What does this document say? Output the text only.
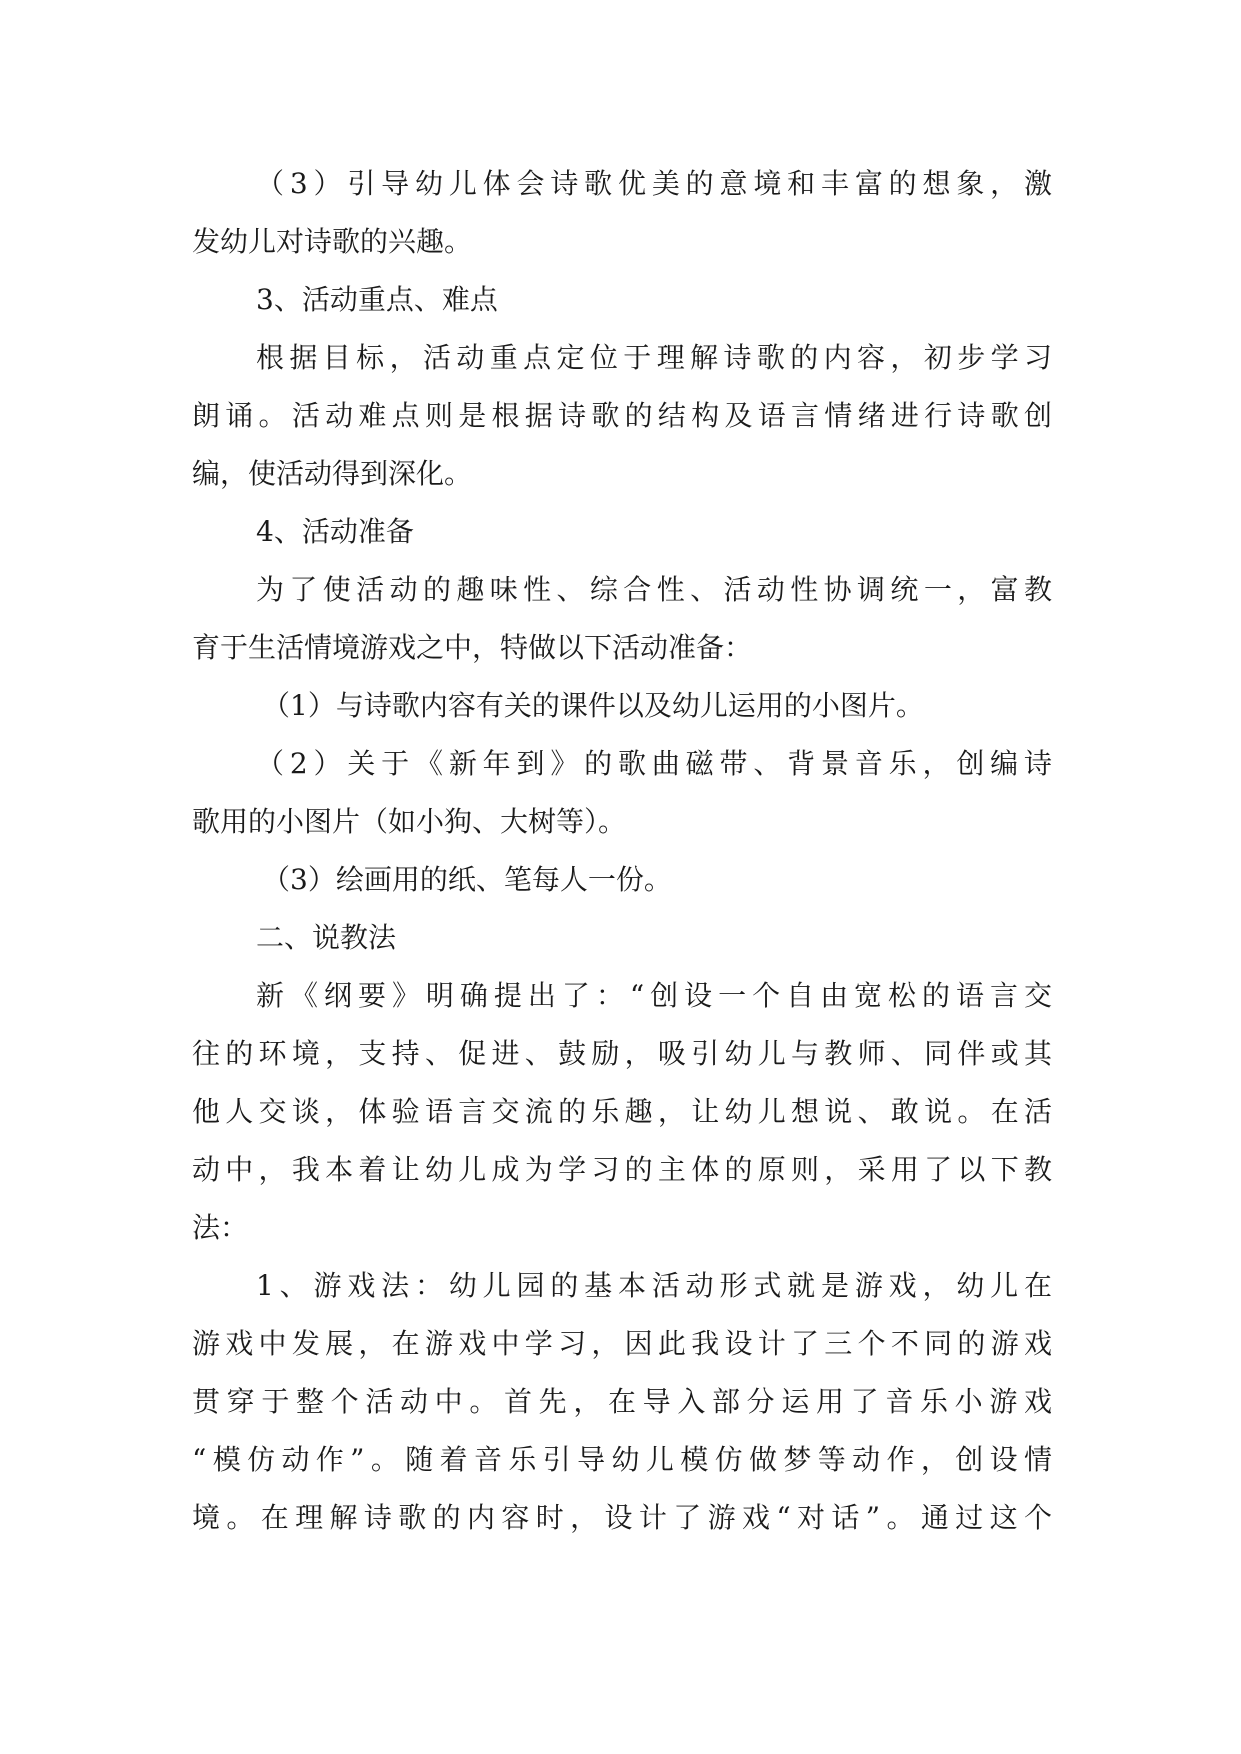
（3）引导幼儿体会诗歌优美的意境和丰富的想象，激
发幼儿对诗歌的兴趣。
3、活动重点、难点
根据目标，活动重点定位于理解诗歌的内容，初步学习
朗诵。活动难点则是根据诗歌的结构及语言情绪进行诗歌创
编，使活动得到深化。
4、活动准备
为了使活动的趣味性、综合性、活动性协调统一，富教
育于生活情境游戏之中，特做以下活动准备：
（1）与诗歌内容有关的课件以及幼儿运用的小图片。
（2）关于《新年到》的歌曲磁带、背景音乐，创编诗
歌用的小图片（如小狗、大树等）。
（3）绘画用的纸、笔每人一份。
二、说教法
新《纲要》明确提出了：“创设一个自由宽松的语言交
往的环境，支持、促进、鼓励，吸引幼儿与教师、同伴或其
他人交谈，体验语言交流的乐趣，让幼儿想说、敢说。在活
动中，我本着让幼儿成为学习的主体的原则，采用了以下教
法：
1、游戏法：幼儿园的基本活动形式就是游戏，幼儿在
游戏中发展，在游戏中学习，因此我设计了三个不同的游戏
贯穿于整个活动中。首先，在导入部分运用了音乐小游戏
“模仿动作”。随着音乐引导幼儿模仿做梦等动作，创设情
境。在理解诗歌的内容时，设计了游戏“对话”。通过这个
